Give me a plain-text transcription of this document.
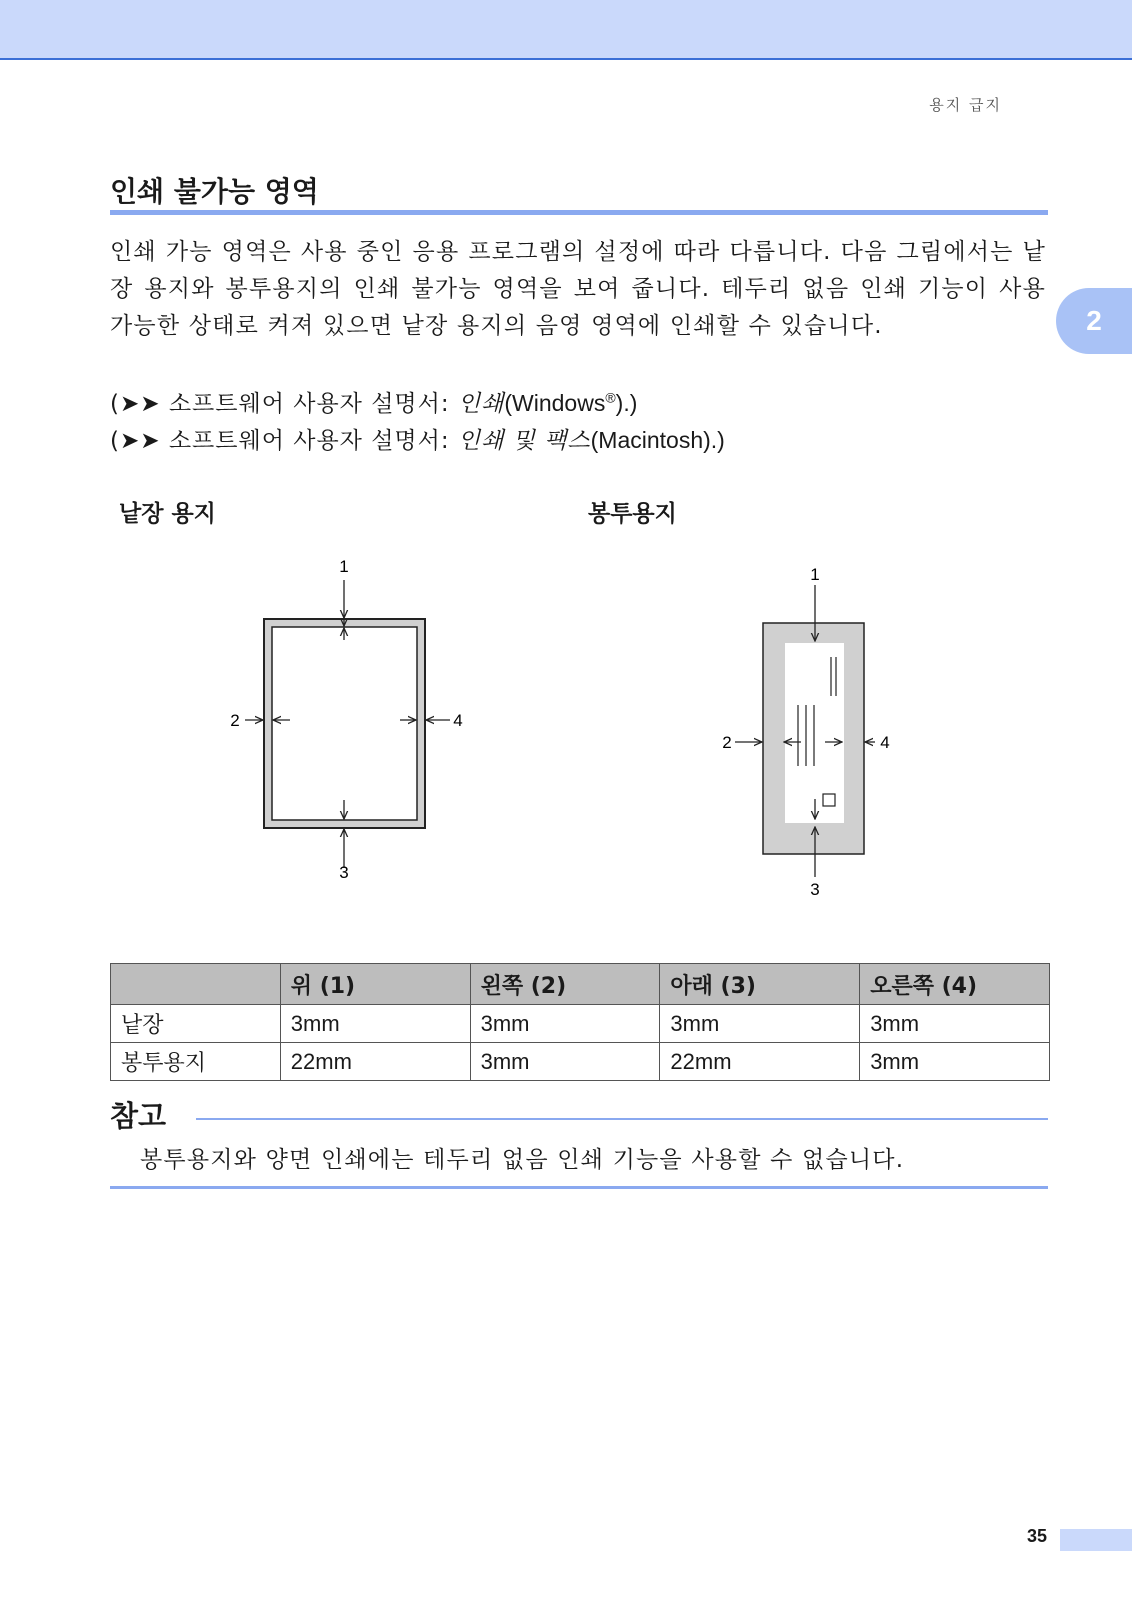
용지 급지
2
인쇄 불가능 영역

인쇄 가능 영역은 사용 중인 응용 프로그램의 설정에 따라 다릅니다. 다음 그림에서는 낱장 용지와 봉투용지의 인쇄 불가능 영역을 보여 줍니다. 테두리 없음 인쇄 기능이 사용 가능한 상태로 켜져 있으면 낱장 용지의 음영 영역에 인쇄할 수 있습니다.

(➤➤ 소프트웨어 사용자 설명서: 인쇄(Windows®).)
(➤➤ 소프트웨어 사용자 설명서: 인쇄 및 팩스(Macintosh).)
낱장 용지	봉투용지
1
2
3
4
1
2
3
4
	위 (1)	왼쪽 (2)	아래 (3)	오른쪽 (4)
낱장	3mm	3mm	3mm	3mm
봉투용지	22mm	3mm	22mm	3mm
참고
봉투용지와 양면 인쇄에는 테두리 없음 인쇄 기능을 사용할 수 없습니다.
35
